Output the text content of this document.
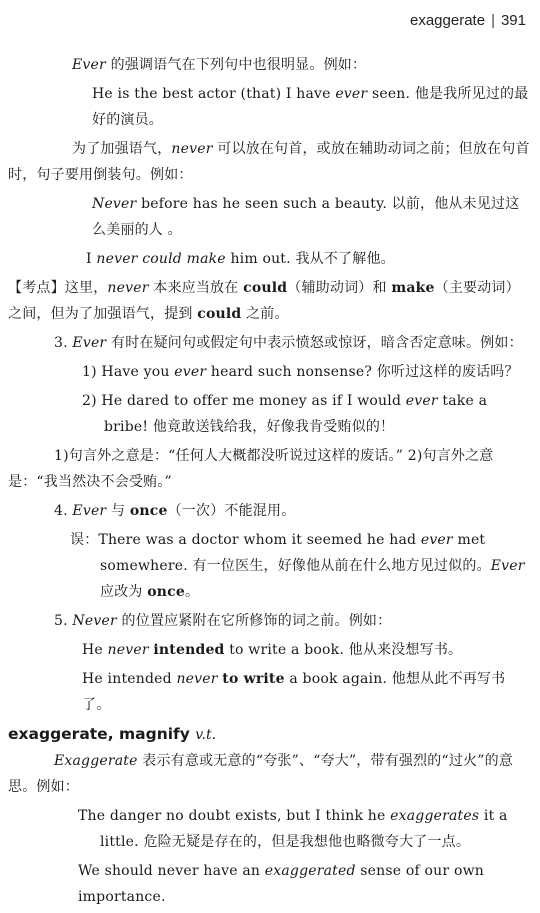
exaggerate | 391
Ever 的强调语气在下列句中也很明显。例如：
He is the best actor (that) I have ever seen. 他是我所见过的最好的演员。
为了加强语气，never 可以放在句首，或放在辅助动词之前；但放在句首时，句子要用倒装句。例如：
Never before has he seen such a beauty. 以前，他从未见过这么美丽的人 。
I never could make him out. 我从不了解他。
【考点】这里，never 本来应当放在 could（辅助动词）和 make（主要动词）之间，但为了加强语气，提到 could 之前。
3. Ever 有时在疑问句或假定句中表示愤怒或惊讶，暗含否定意味。例如：
1) Have you ever heard such nonsense? 你听过这样的废话吗？
2) He dared to offer me money as if I would ever take a bribe! 他竟敢送钱给我，好像我肯受贿似的！
1)句言外之意是：“任何人大概都没听说过这样的废话。” 2)句言外之意是：“我当然决不会受贿。”
4. Ever 与 once（一次）不能混用。
误：There was a doctor whom it seemed he had ever met somewhere. 有一位医生，好像他从前在什么地方见过似的。Ever 应改为 once。
5. Never 的位置应紧附在它所修饰的词之前。例如：
He never intended to write a book. 他从来没想写书。
He intended never to write a book again. 他想从此不再写书了。
exaggerate, magnify v.t.
Exaggerate 表示有意或无意的“夸张”、“夸大”，带有强烈的“过火”的意思。例如：
The danger no doubt exists, but I think he exaggerates it a little. 危险无疑是存在的，但是我想他也略微夸大了一点。
We should never have an exaggerated sense of our own importance.
